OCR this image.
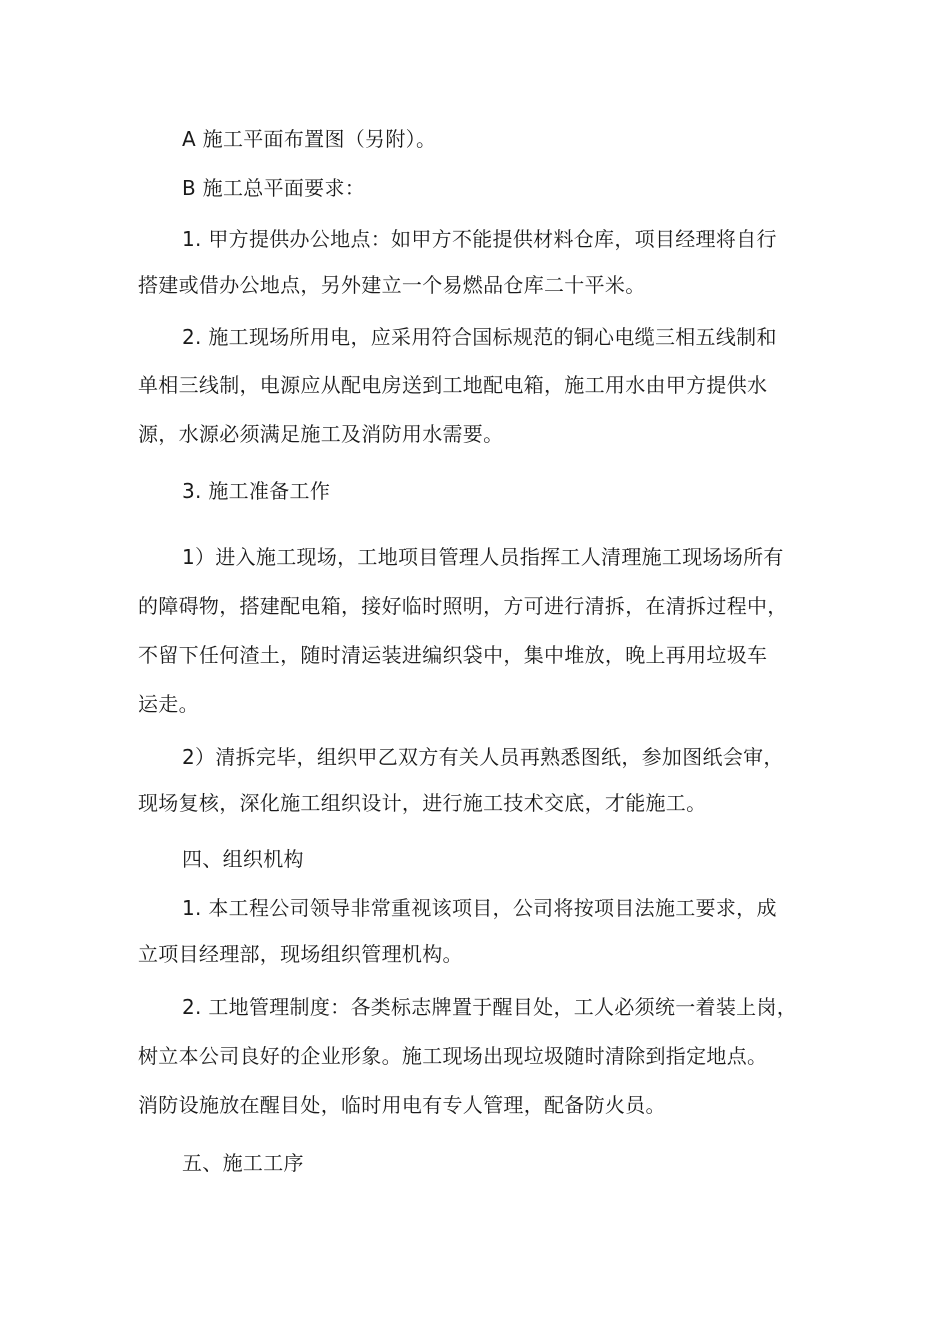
A 施工平面布置图（另附）。
B 施工总平面要求：
1. 甲方提供办公地点：如甲方不能提供材料仓库，项目经理将自行
搭建或借办公地点，另外建立一个易燃品仓库二十平米。
2. 施工现场所用电，应采用符合国标规范的铜心电缆三相五线制和
单相三线制，电源应从配电房送到工地配电箱，施工用水由甲方提供水
源，水源必须满足施工及消防用水需要。
3. 施工准备工作
1）进入施工现场，工地项目管理人员指挥工人清理施工现场场所有
的障碍物，搭建配电箱，接好临时照明，方可进行清拆，在清拆过程中，
不留下任何渣土，随时清运装进编织袋中，集中堆放，晚上再用垃圾车
运走。
2）清拆完毕，组织甲乙双方有关人员再熟悉图纸，参加图纸会审，
现场复核，深化施工组织设计，进行施工技术交底，才能施工。
四、组织机构
1. 本工程公司领导非常重视该项目，公司将按项目法施工要求，成
立项目经理部，现场组织管理机构。
2. 工地管理制度：各类标志牌置于醒目处，工人必须统一着装上岗，
树立本公司良好的企业形象。施工现场出现垃圾随时清除到指定地点。
消防设施放在醒目处，临时用电有专人管理，配备防火员。
五、施工工序
